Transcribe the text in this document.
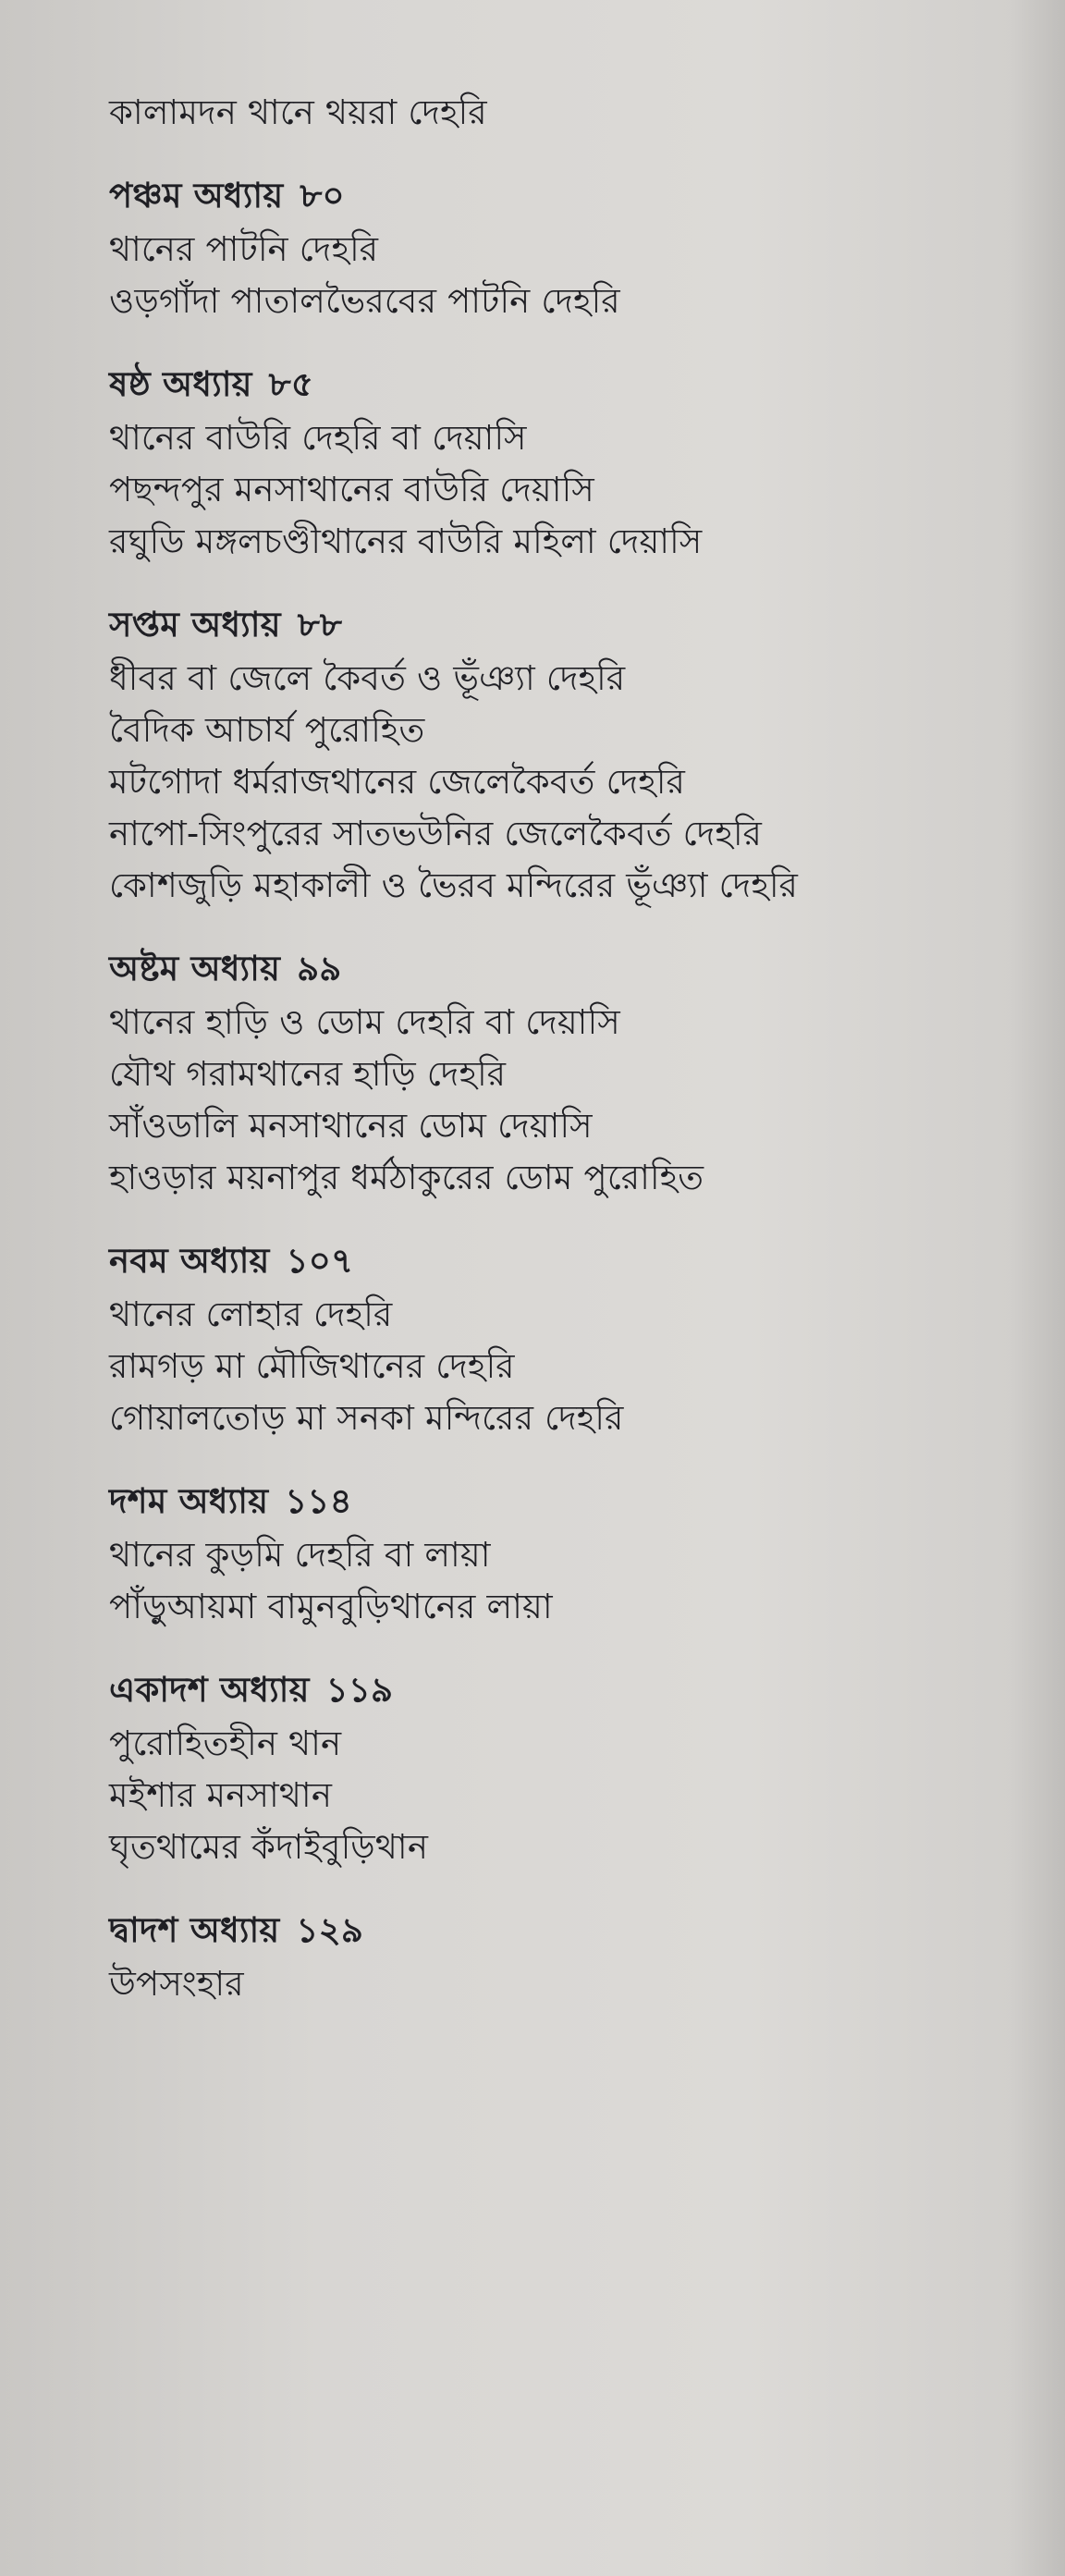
কালামদন থানে থয়রা দেহরি
পঞ্চম অধ্যায় ৮০
থানের পাটনি দেহরি
ওড়গাঁদা পাতালভৈরবের পাটনি দেহরি
ষষ্ঠ অধ্যায় ৮৫
থানের বাউরি দেহরি বা দেয়াসি
পছন্দপুর মনসাথানের বাউরি দেয়াসি
রঘুডি মঙ্গলচণ্ডীথানের বাউরি মহিলা দেয়াসি
সপ্তম অধ্যায় ৮৮
ধীবর বা জেলে কৈবর্ত ও ভূঁঞ্যা দেহরি
বৈদিক আচার্য পুরোহিত
মটগোদা ধর্মরাজথানের জেলেকৈবর্ত দেহরি
নাপো-সিংপুরের সাতভউনির জেলেকৈবর্ত দেহরি
কোশজুড়ি মহাকালী ও ভৈরব মন্দিরের ভূঁঞ্যা দেহরি
অষ্টম অধ্যায় ৯৯
থানের হাড়ি ও ডোম দেহরি বা দেয়াসি
যৌথ গরামথানের হাড়ি দেহরি
সাঁওডালি মনসাথানের ডোম দেয়াসি
হাওড়ার ময়নাপুর ধর্মঠাকুরের ডোম পুরোহিত
নবম অধ্যায় ১০৭
থানের লোহার দেহরি
রামগড় মা মৌজিথানের দেহরি
গোয়ালতোড় মা সনকা মন্দিরের দেহরি
দশম অধ্যায় ১১৪
থানের কুড়মি দেহরি বা লায়া
পাঁড়ুআয়মা বামুনবুড়িথানের লায়া
একাদশ অধ্যায় ১১৯
পুরোহিতহীন থান
মইশার মনসাথান
ঘৃতথামের কঁদাইবুড়িথান
দ্বাদশ অধ্যায় ১২৯
উপসংহার
